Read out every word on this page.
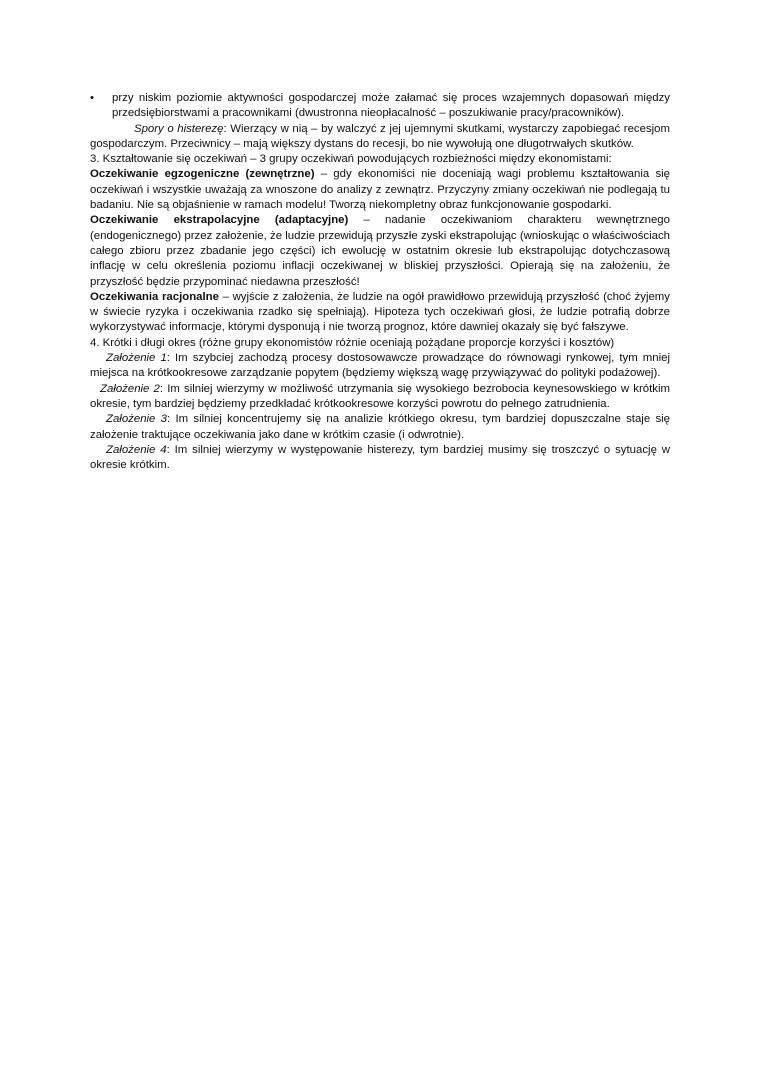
• przy niskim poziomie aktywności gospodarczej może załamać się proces wzajemnych dopasowań między przedsiębiorstwami a pracownikami (dwustronna nieopłacalność – poszukiwanie pracy/pracowników).

Spory o histerezę: Wierzący w nią – by walczyć z jej ujemnymi skutkami, wystarczy zapobiegać recesjom gospodarczym. Przeciwnicy – mają większy dystans do recesji, bo nie wywołują one długotrwałych skutków.

3. Kształtowanie się oczekiwań – 3 grupy oczekiwań powodujących rozbieżności między ekonomistami:

Oczekiwanie egzogeniczne (zewnętrzne) – gdy ekonomiści nie doceniają wagi problemu kształtowania się oczekiwań i wszystkie uważają za wnoszone do analizy z zewnątrz. Przyczyny zmiany oczekiwań nie podlegają tu badaniu. Nie są objaśnienie w ramach modelu! Tworzą niekompletny obraz funkcjonowanie gospodarki.

Oczekiwanie ekstrapolacyjne (adaptacyjne) – nadanie oczekiwaniom charakteru wewnętrznego (endogenicznego) przez założenie, że ludzie przewidują przyszłe zyski ekstrapolując (wnioskując o właściwościach całego zbioru przez zbadanie jego części) ich ewolucję w ostatnim okresie lub ekstrapolując dotychczasową inflację w celu określenia poziomu inflacji oczekiwanej w bliskiej przyszłości. Opierają się na założeniu, że przyszłość będzie przypominać niedawna przeszłość!

Oczekiwania racjonalne – wyjście z założenia, że ludzie na ogół prawidłowo przewidują przyszłość (choć żyjemy w świecie ryzyka i oczekiwania rzadko się spełniają). Hipoteza tych oczekiwań głosi, że ludzie potrafią dobrze wykorzystywać informacje, którymi dysponują i nie tworzą prognoz, które dawniej okazały się być fałszywe.

4. Krótki i długi okres (różne grupy ekonomistów różnie oceniają pożądane proporcje korzyści i kosztów)

Założenie 1: Im szybciej zachodzą procesy dostosowawcze prowadzące do równowagi rynkowej, tym mniej miejsca na krótkookresowe zarządzanie popytem (będziemy większą wagę przywiązywać do polityki podażowej).

Założenie 2: Im silniej wierzymy w możliwość utrzymania się wysokiego bezrobocia keynesowskiego w krótkim okresie, tym bardziej będziemy przedkładać krótkookresowe korzyści powrotu do pełnego zatrudnienia.

Założenie 3: Im silniej koncentrujemy się na analizie krótkiego okresu, tym bardziej dopuszczalne staje się założenie traktujące oczekiwania jako dane w krótkim czasie (i odwrotnie).

Założenie 4: Im silniej wierzymy w występowanie histerezy, tym bardziej musimy się troszczyć o sytuację w okresie krótkim.
